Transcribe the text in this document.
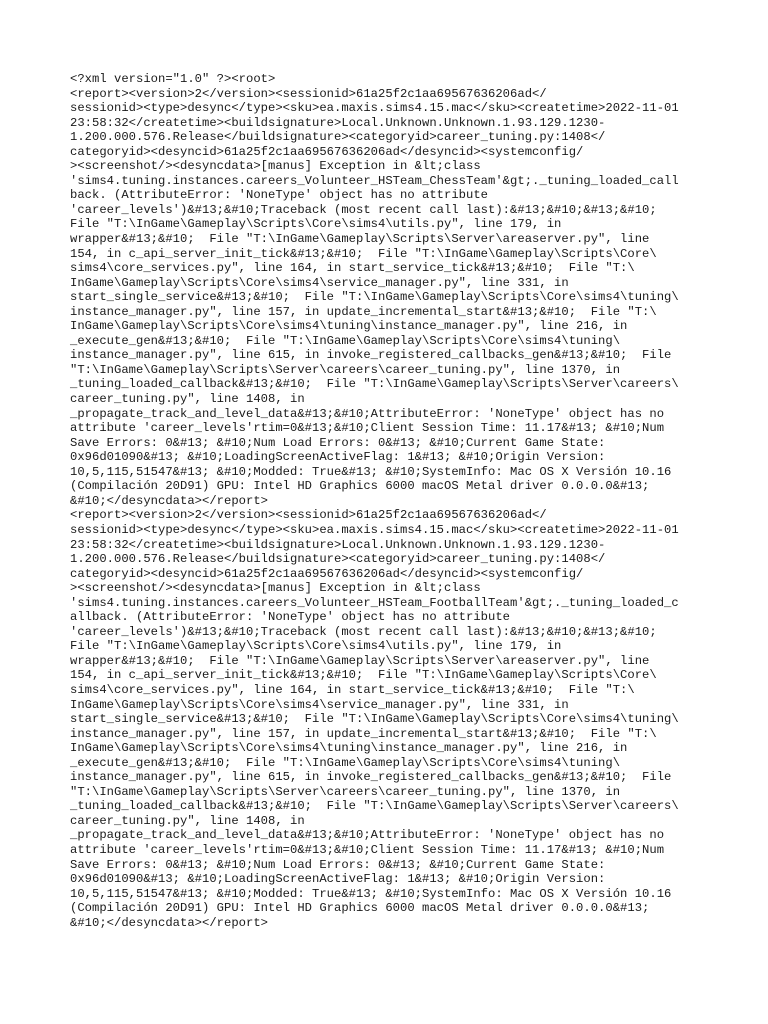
<?xml version="1.0" ?><root>
<report><version>2</version><sessionid>61a25f2c1aa69567636206ad</
sessionid><type>desync</type><sku>ea.maxis.sims4.15.mac</sku><createtime>2022-11-01
23:58:32</createtime><buildsignature>Local.Unknown.Unknown.1.93.129.1230-
1.200.000.576.Release</buildsignature><categoryid>career_tuning.py:1408</
categoryid><desyncid>61a25f2c1aa69567636206ad</desyncid><systemconfig/
><screenshot/><desyncdata>[manus] Exception in &lt;class
'sims4.tuning.instances.careers_Volunteer_HSTeam_ChessTeam'&gt;._tuning_loaded_call
back. (AttributeError: 'NoneType' object has no attribute
'career_levels')&#13;&#10;Traceback (most recent call last):&#13;&#10;&#13;&#10;
File "T:\InGame\Gameplay\Scripts\Core\sims4\utils.py", line 179, in
wrapper&#13;&#10;  File "T:\InGame\Gameplay\Scripts\Server\areaserver.py", line
154, in c_api_server_init_tick&#13;&#10;  File "T:\InGame\Gameplay\Scripts\Core\
sims4\core_services.py", line 164, in start_service_tick&#13;&#10;  File "T:\
InGame\Gameplay\Scripts\Core\sims4\service_manager.py", line 331, in
start_single_service&#13;&#10;  File "T:\InGame\Gameplay\Scripts\Core\sims4\tuning\
instance_manager.py", line 157, in update_incremental_start&#13;&#10;  File "T:\
InGame\Gameplay\Scripts\Core\sims4\tuning\instance_manager.py", line 216, in
_execute_gen&#13;&#10;  File "T:\InGame\Gameplay\Scripts\Core\sims4\tuning\
instance_manager.py", line 615, in invoke_registered_callbacks_gen&#13;&#10;  File
"T:\InGame\Gameplay\Scripts\Server\careers\career_tuning.py", line 1370, in
_tuning_loaded_callback&#13;&#10;  File "T:\InGame\Gameplay\Scripts\Server\careers\
career_tuning.py", line 1408, in
_propagate_track_and_level_data&#13;&#10;AttributeError: 'NoneType' object has no
attribute 'career_levels'rtim=0&#13;&#10;Client Session Time: 11.17&#13; &#10;Num
Save Errors: 0&#13; &#10;Num Load Errors: 0&#13; &#10;Current Game State:
0x96d01090&#13; &#10;LoadingScreenActiveFlag: 1&#13; &#10;Origin Version:
10,5,115,51547&#13; &#10;Modded: True&#13; &#10;SystemInfo: Mac OS X Versión 10.16
(Compilación 20D91) GPU: Intel HD Graphics 6000 macOS Metal driver 0.0.0.0&#13;
&#10;</desyncdata></report>
<report><version>2</version><sessionid>61a25f2c1aa69567636206ad</
sessionid><type>desync</type><sku>ea.maxis.sims4.15.mac</sku><createtime>2022-11-01
23:58:32</createtime><buildsignature>Local.Unknown.Unknown.1.93.129.1230-
1.200.000.576.Release</buildsignature><categoryid>career_tuning.py:1408</
categoryid><desyncid>61a25f2c1aa69567636206ad</desyncid><systemconfig/
><screenshot/><desyncdata>[manus] Exception in &lt;class
'sims4.tuning.instances.careers_Volunteer_HSTeam_FootballTeam'&gt;._tuning_loaded_c
allback. (AttributeError: 'NoneType' object has no attribute
'career_levels')&#13;&#10;Traceback (most recent call last):&#13;&#10;&#13;&#10;
File "T:\InGame\Gameplay\Scripts\Core\sims4\utils.py", line 179, in
wrapper&#13;&#10;  File "T:\InGame\Gameplay\Scripts\Server\areaserver.py", line
154, in c_api_server_init_tick&#13;&#10;  File "T:\InGame\Gameplay\Scripts\Core\
sims4\core_services.py", line 164, in start_service_tick&#13;&#10;  File "T:\
InGame\Gameplay\Scripts\Core\sims4\service_manager.py", line 331, in
start_single_service&#13;&#10;  File "T:\InGame\Gameplay\Scripts\Core\sims4\tuning\
instance_manager.py", line 157, in update_incremental_start&#13;&#10;  File "T:\
InGame\Gameplay\Scripts\Core\sims4\tuning\instance_manager.py", line 216, in
_execute_gen&#13;&#10;  File "T:\InGame\Gameplay\Scripts\Core\sims4\tuning\
instance_manager.py", line 615, in invoke_registered_callbacks_gen&#13;&#10;  File
"T:\InGame\Gameplay\Scripts\Server\careers\career_tuning.py", line 1370, in
_tuning_loaded_callback&#13;&#10;  File "T:\InGame\Gameplay\Scripts\Server\careers\
career_tuning.py", line 1408, in
_propagate_track_and_level_data&#13;&#10;AttributeError: 'NoneType' object has no
attribute 'career_levels'rtim=0&#13;&#10;Client Session Time: 11.17&#13; &#10;Num
Save Errors: 0&#13; &#10;Num Load Errors: 0&#13; &#10;Current Game State:
0x96d01090&#13; &#10;LoadingScreenActiveFlag: 1&#13; &#10;Origin Version:
10,5,115,51547&#13; &#10;Modded: True&#13; &#10;SystemInfo: Mac OS X Versión 10.16
(Compilación 20D91) GPU: Intel HD Graphics 6000 macOS Metal driver 0.0.0.0&#13;
&#10;</desyncdata></report>
